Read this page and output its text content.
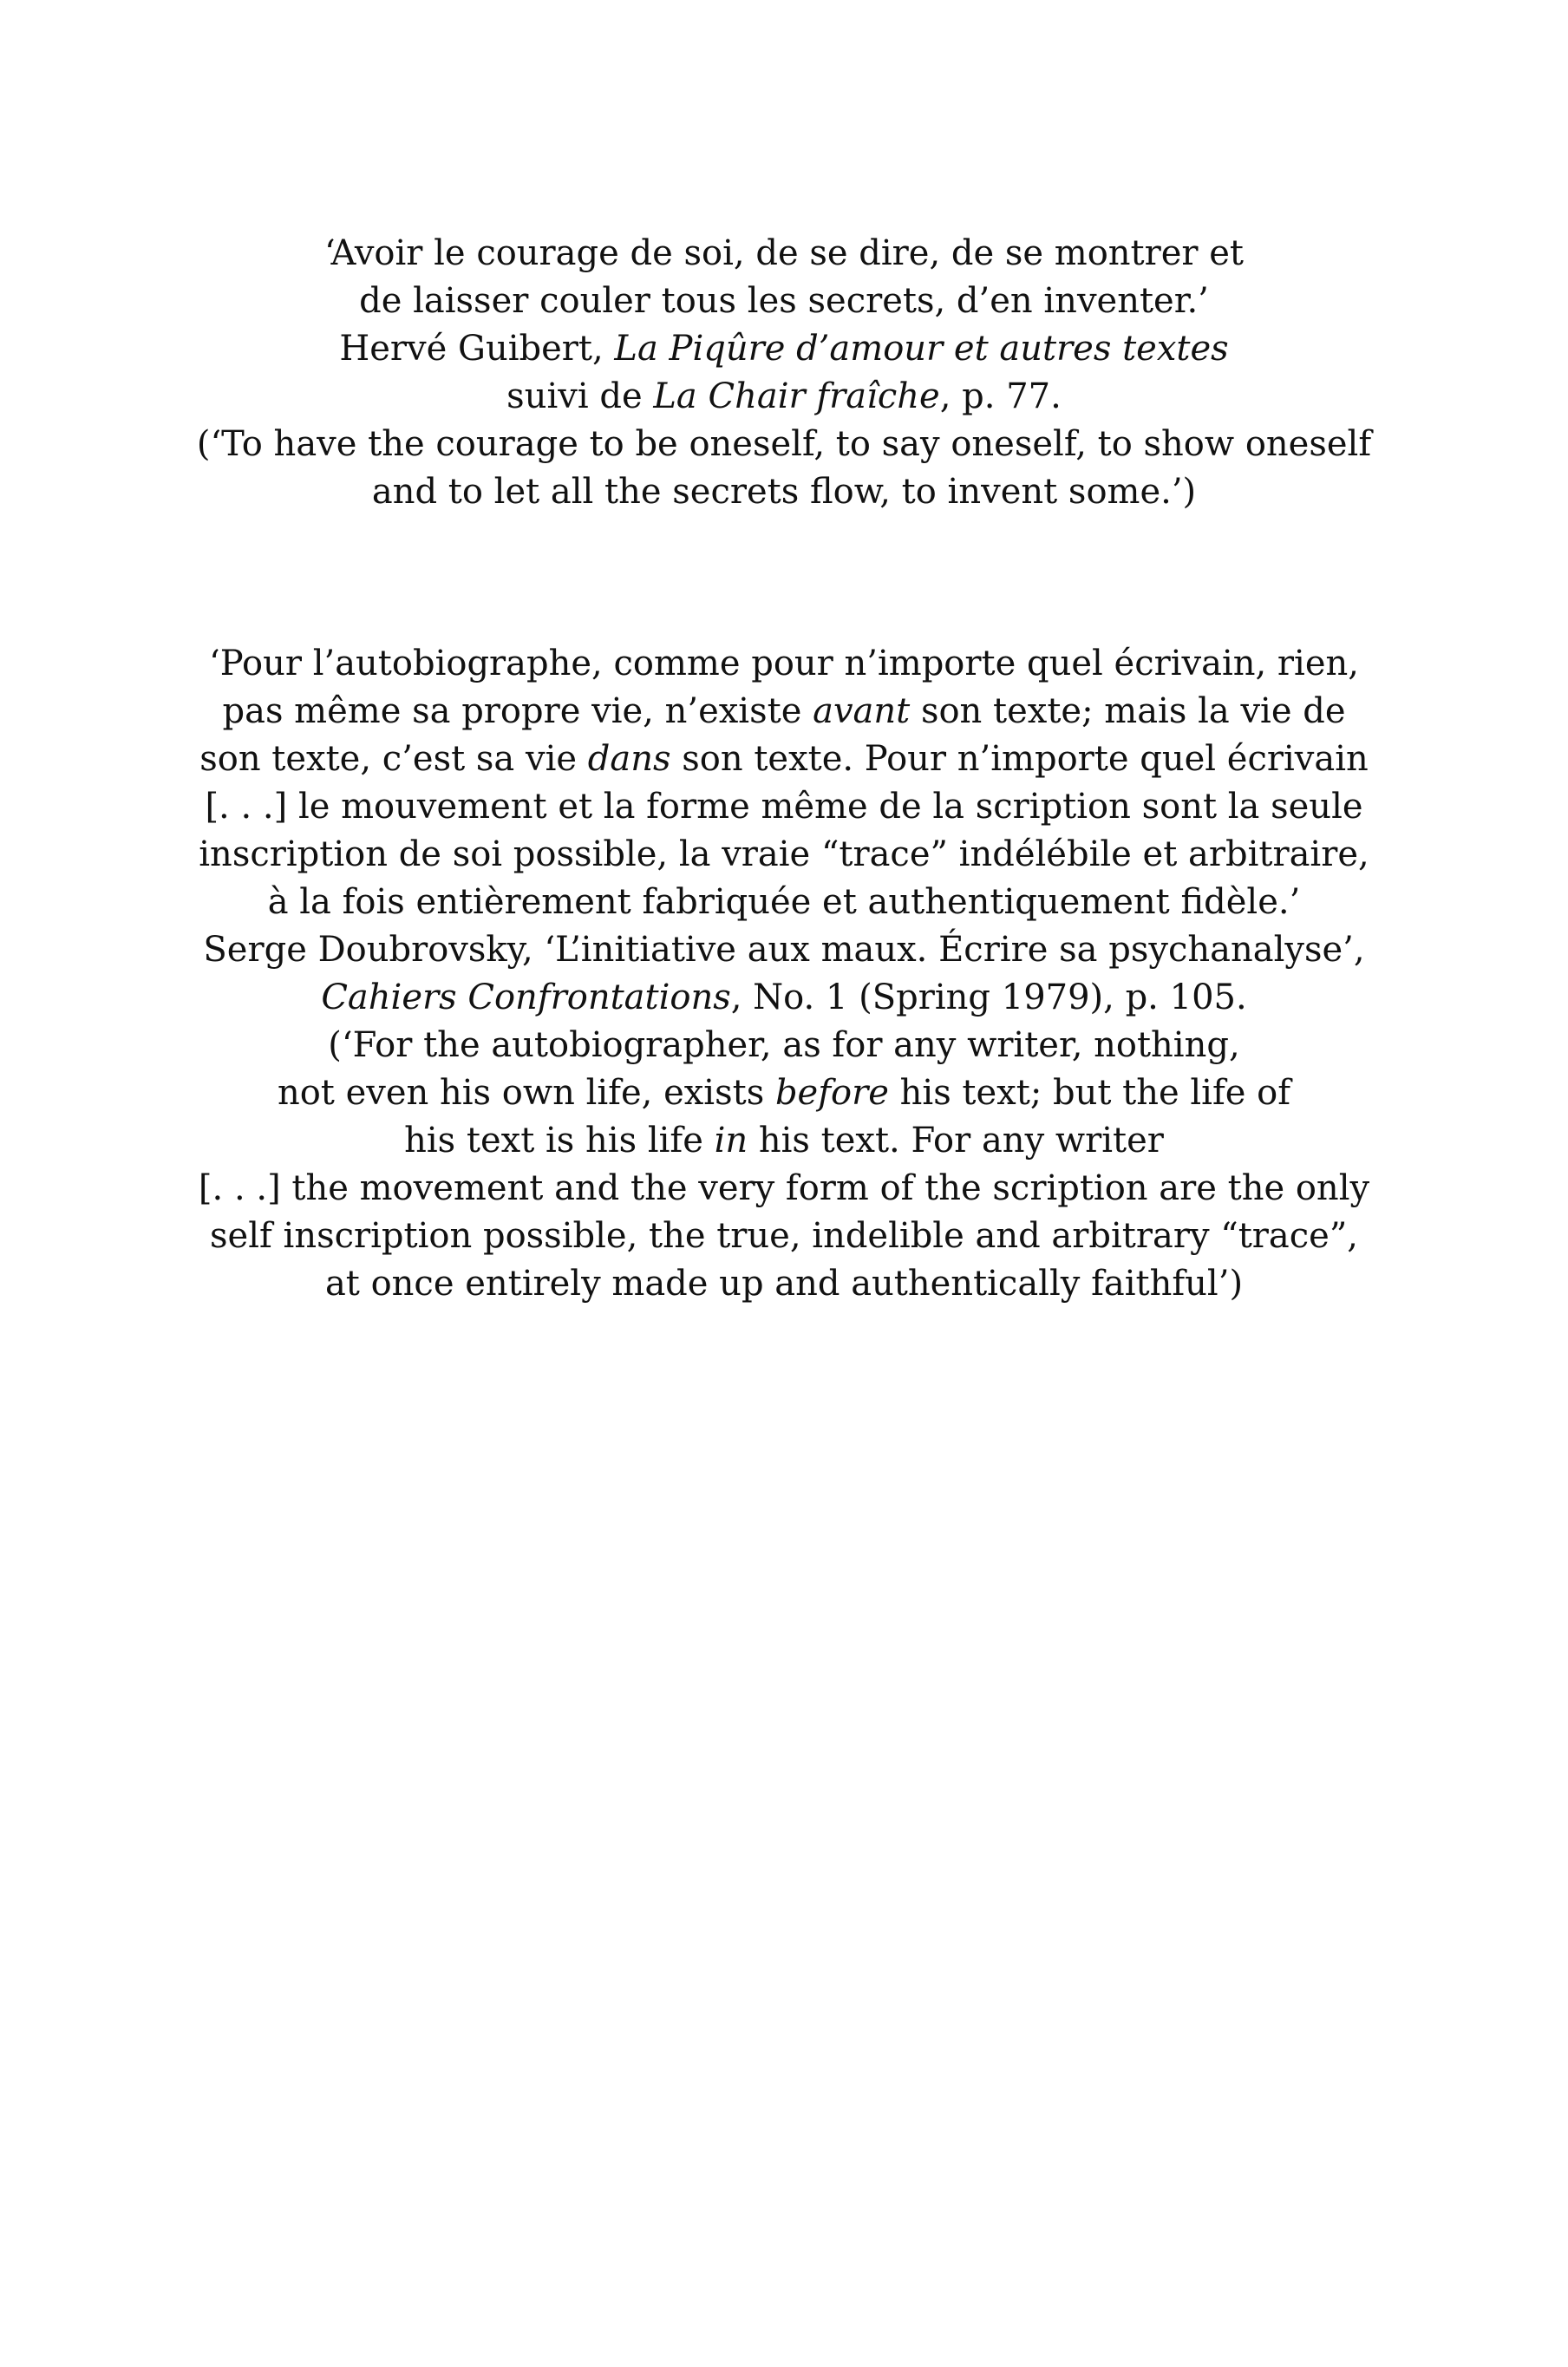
‘Avoir le courage de soi, de se dire, de se montrer et
de laisser couler tous les secrets, d’en inventer.’
Hervé Guibert, La Piqûre d’amour et autres textes
suivi de La Chair fraîche, p. 77.
(‘To have the courage to be oneself, to say oneself, to show oneself
and to let all the secrets flow, to invent some.’)
‘Pour l’autobiographe, comme pour n’importe quel écrivain, rien,
pas même sa propre vie, n’existe avant son texte; mais la vie de
son texte, c’est sa vie dans son texte. Pour n’importe quel écrivain
[. . .] le mouvement et la forme même de la scription sont la seule
inscription de soi possible, la vraie “trace” indélébile et arbitraire,
à la fois entièrement fabriquée et authentiquement fidèle.’
Serge Doubrovsky, ‘L’initiative aux maux. Écrire sa psychanalyse’,
Cahiers Confrontations, No. 1 (Spring 1979), p. 105.
(‘For the autobiographer, as for any writer, nothing,
not even his own life, exists before his text; but the life of
his text is his life in his text. For any writer
[. . .] the movement and the very form of the scription are the only
self inscription possible, the true, indelible and arbitrary “trace”,
at once entirely made up and authentically faithful’)
